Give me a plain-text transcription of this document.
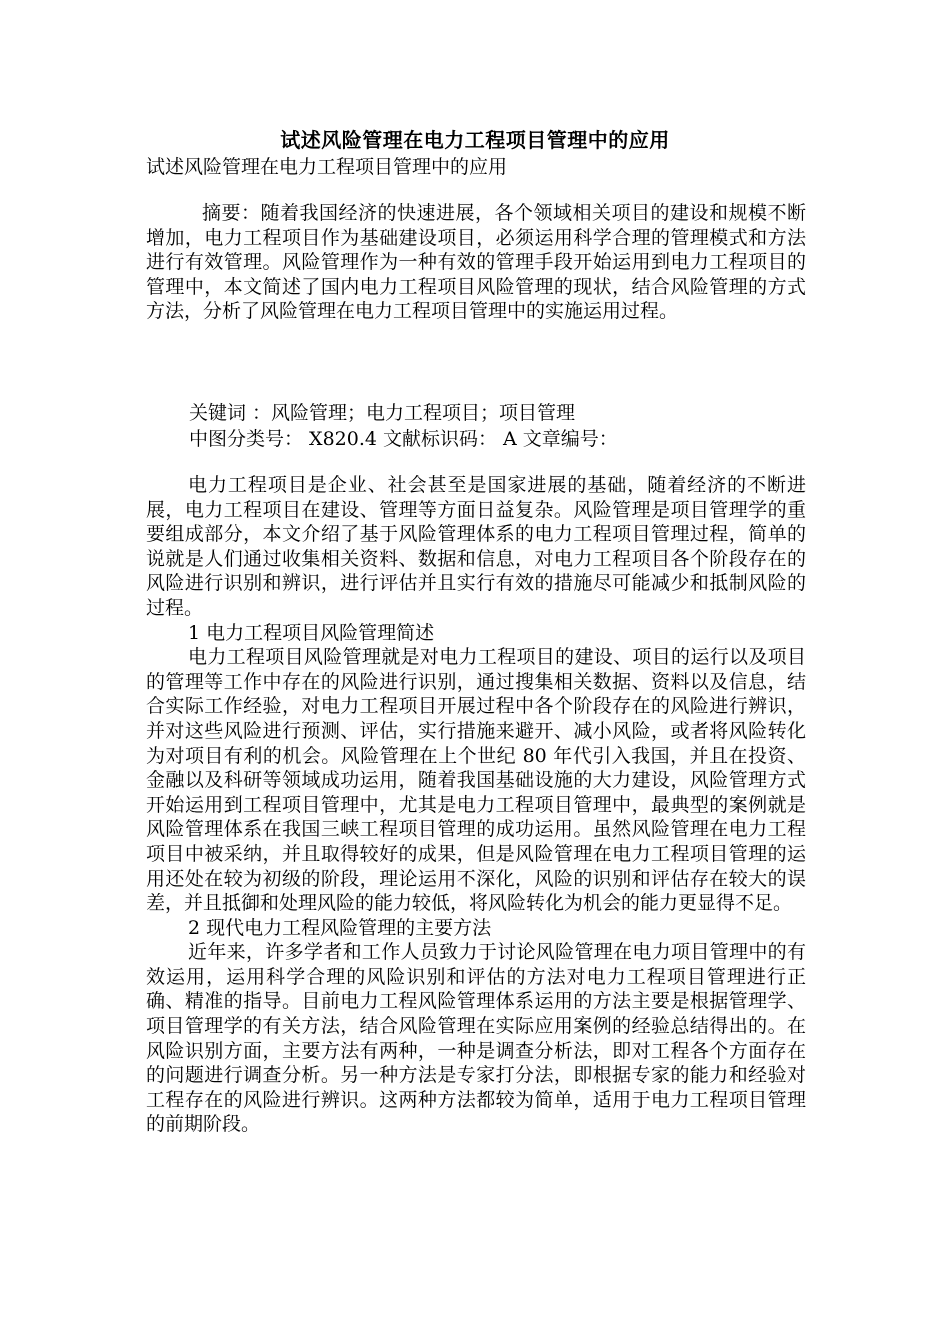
试述风险管理在电力工程项目管理中的应用
试述风险管理在电力工程项目管理中的应用
摘要：随着我国经济的快速进展，各个领域相关项目的建设和规模不断增加，电力工程项目作为基础建设项目，必须运用科学合理的管理模式和方法进行有效管理。风险管理作为一种有效的管理手段开始运用到电力工程项目的管理中，本文简述了国内电力工程项目风险管理的现状，结合风险管理的方式方法，分析了风险管理在电力工程项目管理中的实施运用过程。
关键词 ：风险管理；电力工程项目；项目管理
中图分类号： X820.4 文献标识码： A 文章编号：

电力工程项目是企业、社会甚至是国家进展的基础，随着经济的不断进展，电力工程项目在建设、管理等方面日益复杂。风险管理是项目管理学的重要组成部分，本文介绍了基于风险管理体系的电力工程项目管理过程，简单的说就是人们通过收集相关资料、数据和信息，对电力工程项目各个阶段存在的风险进行识别和辨识，进行评估并且实行有效的措施尽可能减少和抵制风险的过程。

1 电力工程项目风险管理简述

电力工程项目风险管理就是对电力工程项目的建设、项目的运行以及项目的管理等工作中存在的风险进行识别，通过搜集相关数据、资料以及信息，结合实际工作经验，对电力工程项目开展过程中各个阶段存在的风险进行辨识，并对这些风险进行预测、评估，实行措施来避开、减小风险，或者将风险转化为对项目有利的机会。风险管理在上个世纪 80 年代引入我国，并且在投资、金融以及科研等领域成功运用，随着我国基础设施的大力建设，风险管理方式开始运用到工程项目管理中，尤其是电力工程项目管理中，最典型的案例就是风险管理体系在我国三峡工程项目管理的成功运用。虽然风险管理在电力工程项目中被采纳，并且取得较好的成果，但是风险管理在电力工程项目管理的运用还处在较为初级的阶段，理论运用不深化，风险的识别和评估存在较大的误差，并且抵御和处理风险的能力较低，将风险转化为机会的能力更显得不足。

2 现代电力工程风险管理的主要方法

近年来，许多学者和工作人员致力于讨论风险管理在电力项目管理中的有效运用，运用科学合理的风险识别和评估的方法对电力工程项目管理进行正确、精准的指导。目前电力工程风险管理体系运用的方法主要是根据管理学、项目管理学的有关方法，结合风险管理在实际应用案例的经验总结得出的。在风险识别方面，主要方法有两种，一种是调查分析法，即对工程各个方面存在的问题进行调查分析。另一种方法是专家打分法，即根据专家的能力和经验对工程存在的风险进行辨识。这两种方法都较为简单，适用于电力工程项目管理的前期阶段。
